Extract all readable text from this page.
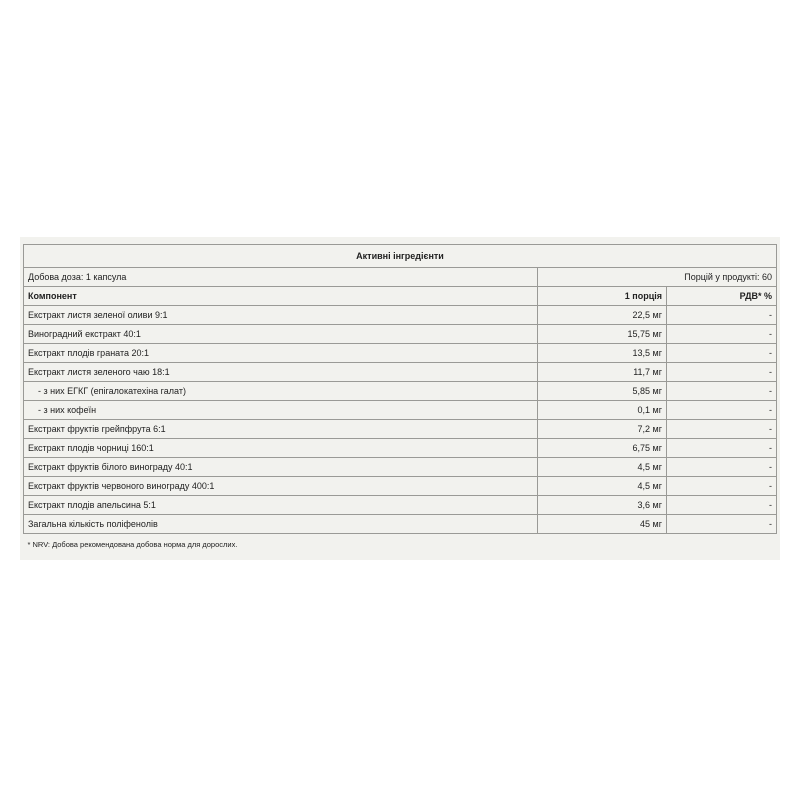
Активні інгредієнти		
Добова доза: 1 капсула	Порцій у продукті: 60	
Компонент	1 порція	РДВ* %
Екстракт листя зеленої оливи 9:1	22,5 мг	-
Виноградний екстракт 40:1	15,75 мг	-
Екстракт плодів граната 20:1	13,5 мг	-
Екстракт листя зеленого чаю 18:1	11,7 мг	-
- з них ЕГКГ (епігалокатехіна галат)	5,85 мг	-
- з них кофеїн	0,1 мг	-
Екстракт фруктів грейпфрута 6:1	7,2 мг	-
Екстракт плодів чорниці 160:1	6,75 мг	-
Екстракт фруктів білого винограду 40:1	4,5 мг	-
Екстракт фруктів червоного винограду 400:1	4,5 мг	-
Екстракт плодів апельсина 5:1	3,6 мг	-
Загальна кількість поліфенолів	45 мг	-
* NRV: Добова рекомендована добова норма для дорослих.		
